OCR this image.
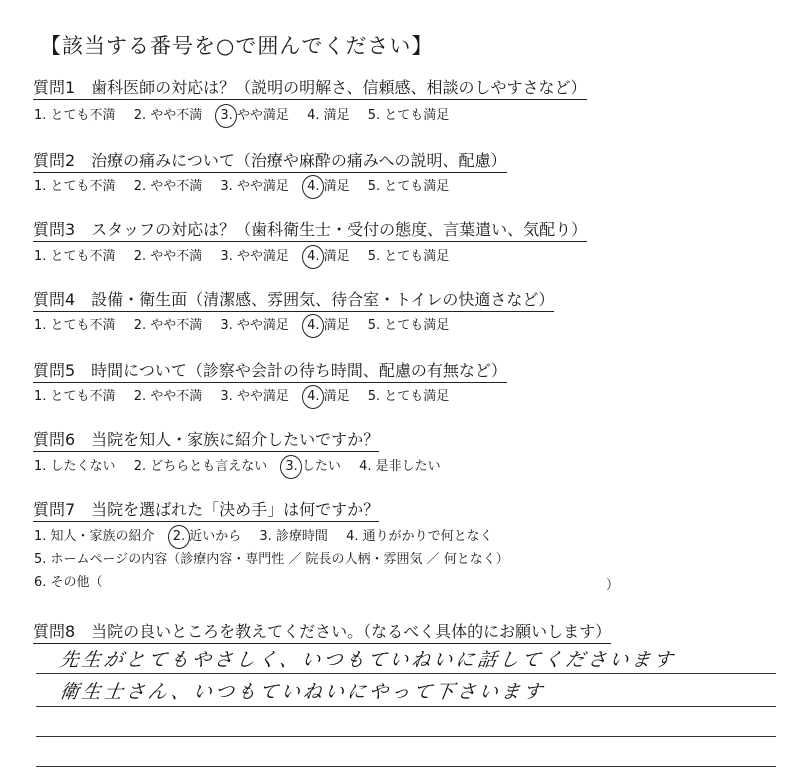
【該当する番号を○で囲んでください】
質問1　歯科医師の対応は？（説明の明解さ、信頼感、相談のしやすさなど）
1. とても不満 2. やや不満 3. やや満足 4. 満足 5. とても満足
質問2　治療の痛みについて（治療や麻酔の痛みへの説明、配慮）
1. とても不満 2. やや不満 3. やや満足 4. 満足 5. とても満足
質問3　スタッフの対応は？（歯科衛生士・受付の態度、言葉遣い、気配り）
1. とても不満 2. やや不満 3. やや満足 4. 満足 5. とても満足
質問4　設備・衛生面（清潔感、雰囲気、待合室・トイレの快適さなど）
1. とても不満 2. やや不満 3. やや満足 4. 満足 5. とても満足
質問5　時間について（診察や会計の待ち時間、配慮の有無など）
1. とても不満 2. やや不満 3. やや満足 4. 満足 5. とても満足
質問6　当院を知人・家族に紹介したいですか？
1. したくない 2. どちらとも言えない 3. したい 4. 是非したい
質問7　当院を選ばれた「決め手」は何ですか？
1. 知人・家族の紹介 2. 近いから 3. 診療時間 4. 通りがかりで何となく
5. ホームページの内容（診療内容・専門性 ／ 院長の人柄・雰囲気 ／ 何となく）
6. その他（	）
質問8　当院の良いところを教えてください。（なるべく具体的にお願いします）
先生がとてもやさしく、いつもていねいに話してくださいます
衛生士さん、いつもていねいにやって下さいます
